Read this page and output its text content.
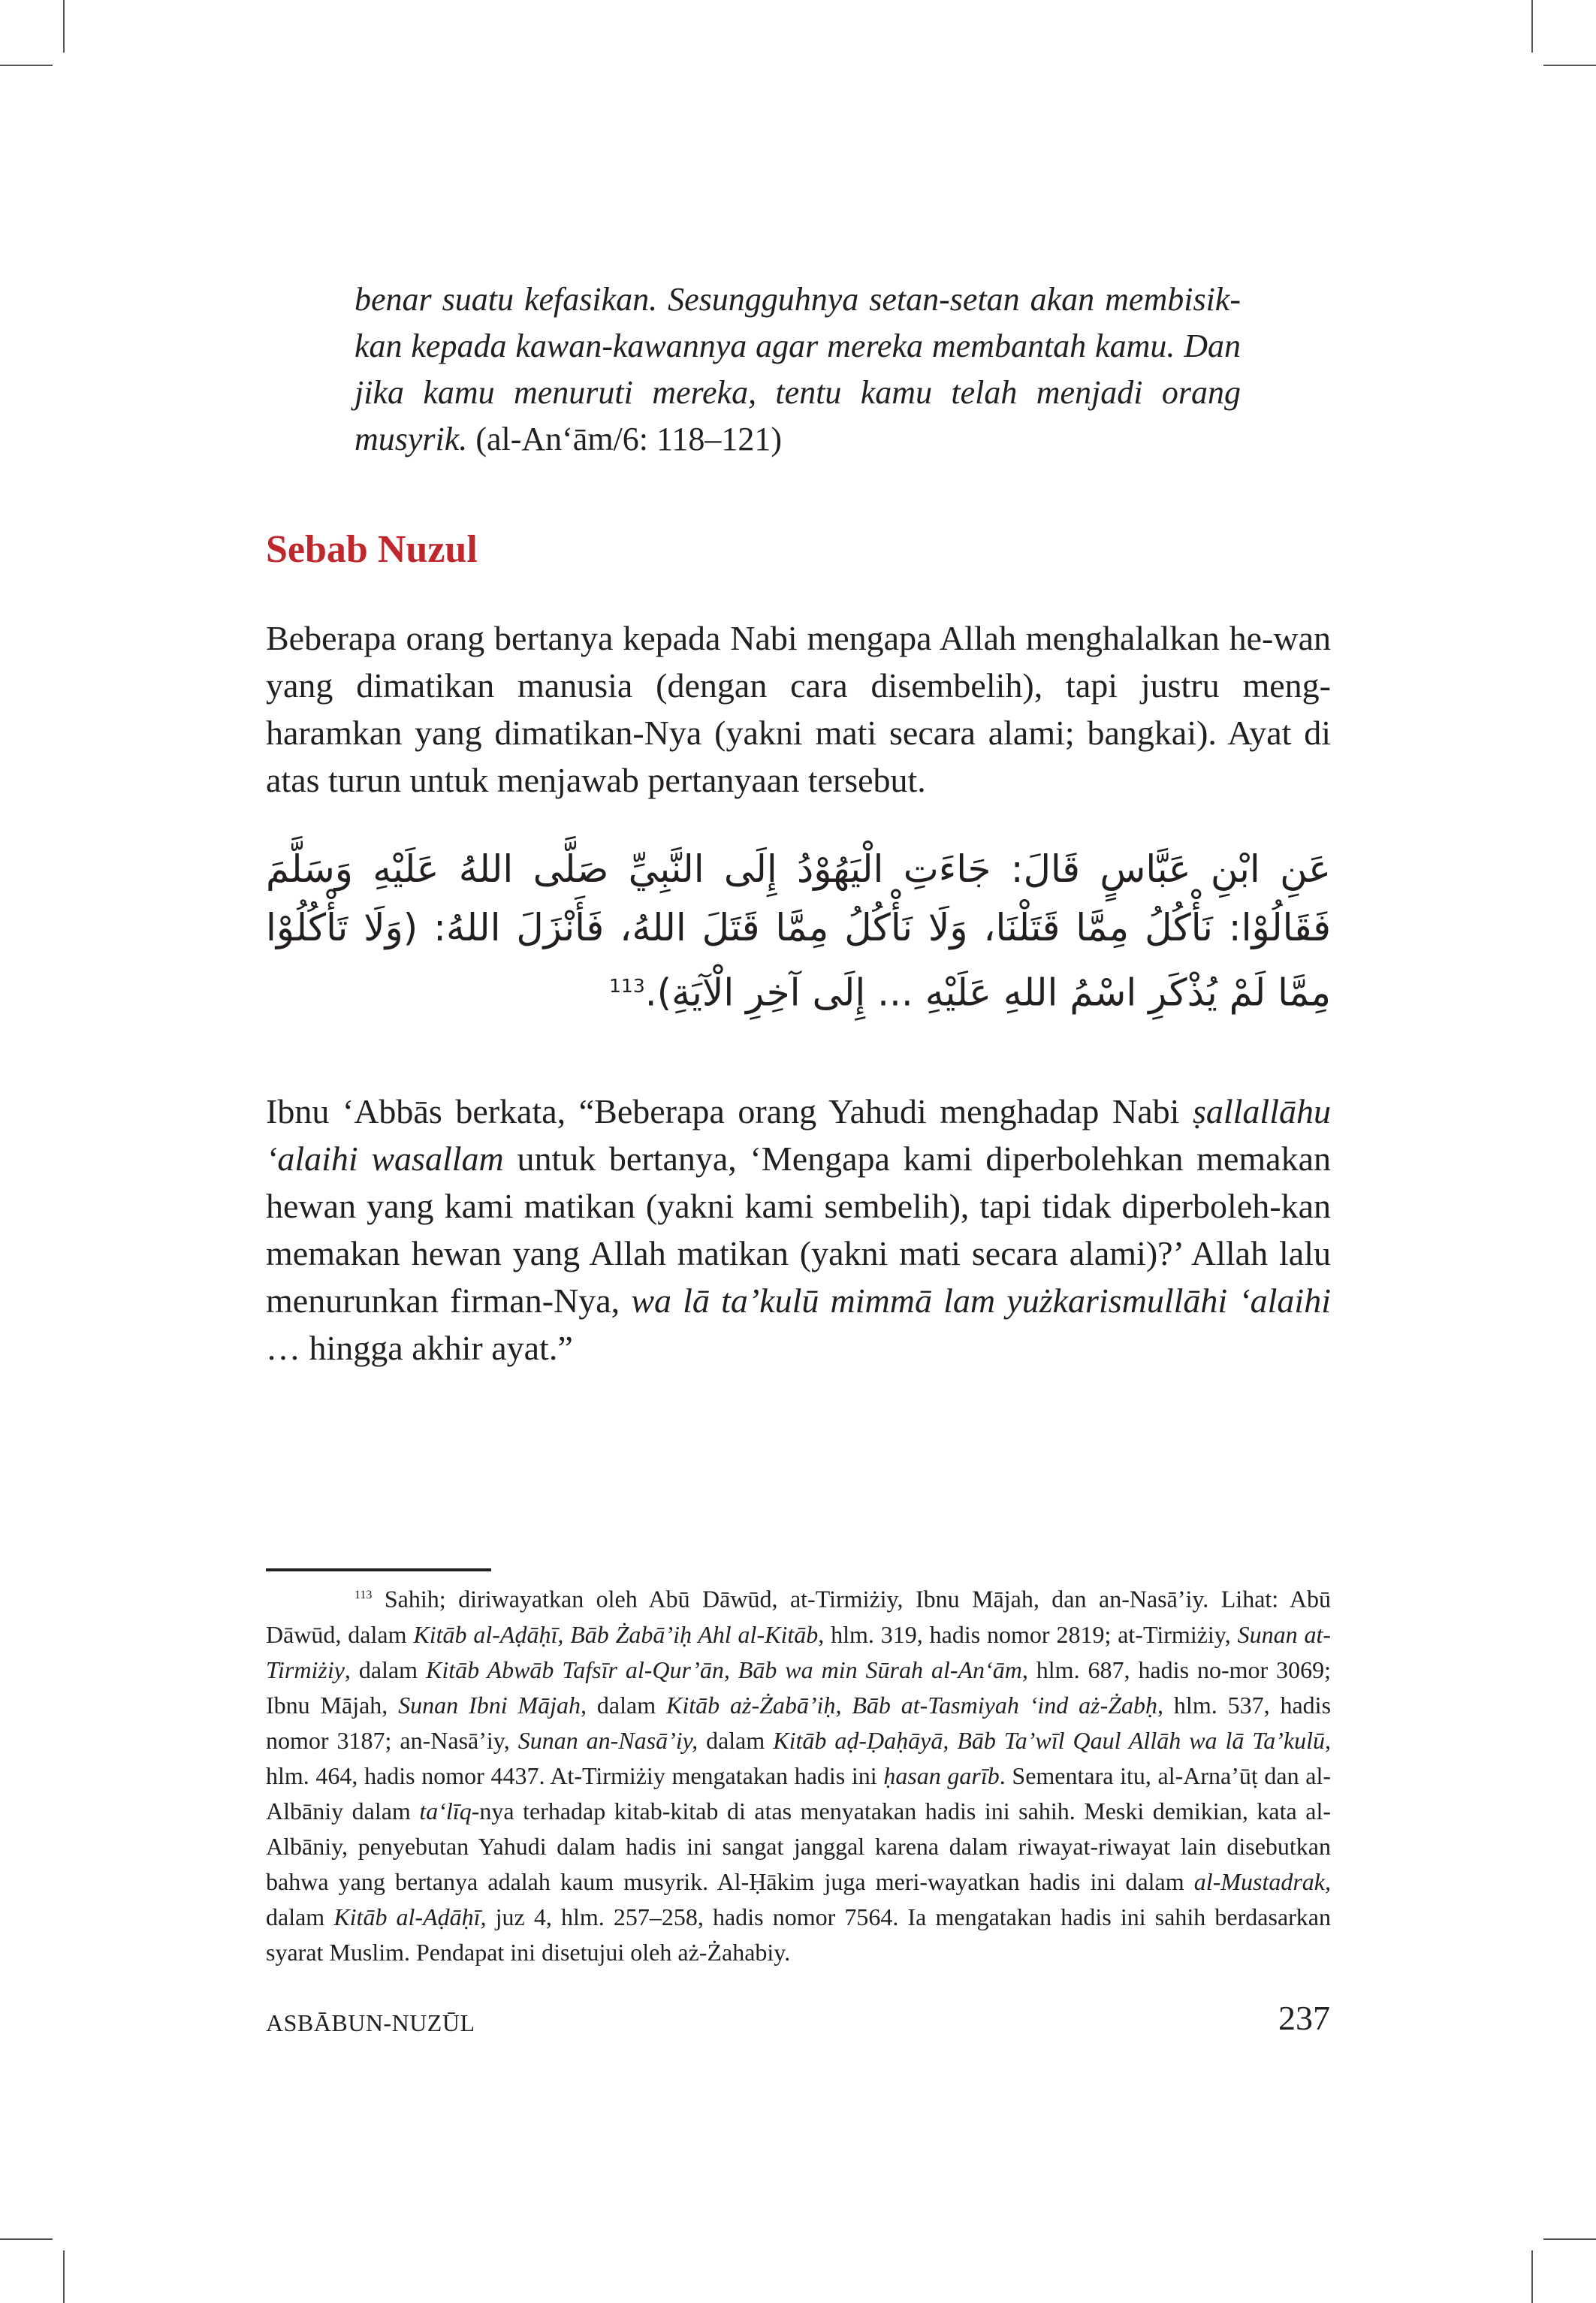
benar suatu kefasikan. Sesungguhnya setan-setan akan membisik-kan kepada kawan-kawannya agar mereka membantah kamu. Dan jika kamu menuruti mereka, tentu kamu telah menjadi orang musyrik. (al-An‘ām/6: 118–121)
Sebab Nuzul
Beberapa orang bertanya kepada Nabi mengapa Allah menghalalkan he-wan yang dimatikan manusia (dengan cara disembelih), tapi justru meng-haramkan yang dimatikan-Nya (yakni mati secara alami; bangkai). Ayat di atas turun untuk menjawab pertanyaan tersebut.
عَنِ ابْنِ عَبَّاسٍ قَالَ: جَاءَتِ الْيَهُوْدُ إِلَى النَّبِيِّ صَلَّى اللهُ عَلَيْهِ وَسَلَّمَ فَقَالُوْا: نَأْكُلُ مِمَّا قَتَلْنَا، وَلَا نَأْكُلُ مِمَّا قَتَلَ اللهُ، فَأَنْزَلَ اللهُ: (وَلَا تَأْكُلُوْا مِمَّا لَمْ يُذْكَرِ اسْمُ اللهِ عَلَيْهِ ... إِلَى آخِرِ الْآيَةِ).$^{113}$
Ibnu ‘Abbās berkata, “Beberapa orang Yahudi menghadap Nabi ṣallallāhu ‘alaihi wasallam untuk bertanya, ‘Mengapa kami diperbolehkan memakan hewan yang kami matikan (yakni kami sembelih), tapi tidak diperboleh-kan memakan hewan yang Allah matikan (yakni mati secara alami)?’ Allah lalu menurunkan firman-Nya, wa lā ta’kulū mimmā lam yużkarismullāhi ‘alaihi … hingga akhir ayat.”
$^{113}$ Sahih; diriwayatkan oleh Abū Dāwūd, at-Tirmiżiy, Ibnu Mājah, dan an-Nasā’iy. Lihat: Abū Dāwūd, dalam Kitāb al-Aḍāḥī, Bāb Żabā’iḥ Ahl al-Kitāb, hlm. 319, hadis nomor 2819; at-Tirmiżiy, Sunan at-Tirmiżiy, dalam Kitāb Abwāb Tafsīr al-Qur’ān, Bāb wa min Sūrah al-An‘ām, hlm. 687, hadis no-mor 3069; Ibnu Mājah, Sunan Ibni Mājah, dalam Kitāb aż-Żabā’iḥ, Bāb at-Tasmiyah ‘ind aż-Żabḥ, hlm. 537, hadis nomor 3187; an-Nasā’iy, Sunan an-Nasā’iy, dalam Kitāb aḍ-Ḍaḥāyā, Bāb Ta’wīl Qaul Allāh wa lā Ta’kulū, hlm. 464, hadis nomor 4437. At-Tirmiżiy mengatakan hadis ini ḥasan garīb. Sementara itu, al-Arna’ūṭ dan al-Albāniy dalam ta‘līq-nya terhadap kitab-kitab di atas menyatakan hadis ini sahih. Meski demikian, kata al-Albāniy, penyebutan Yahudi dalam hadis ini sangat janggal karena dalam riwayat-riwayat lain disebutkan bahwa yang bertanya adalah kaum musyrik. Al-Ḥākim juga meri-wayatkan hadis ini dalam al-Mustadrak, dalam Kitāb al-Aḍāḥī, juz 4, hlm. 257–258, hadis nomor 7564. Ia mengatakan hadis ini sahih berdasarkan syarat Muslim. Pendapat ini disetujui oleh aż-Żahabiy.
ASBĀBUN-NUZŪL	237
